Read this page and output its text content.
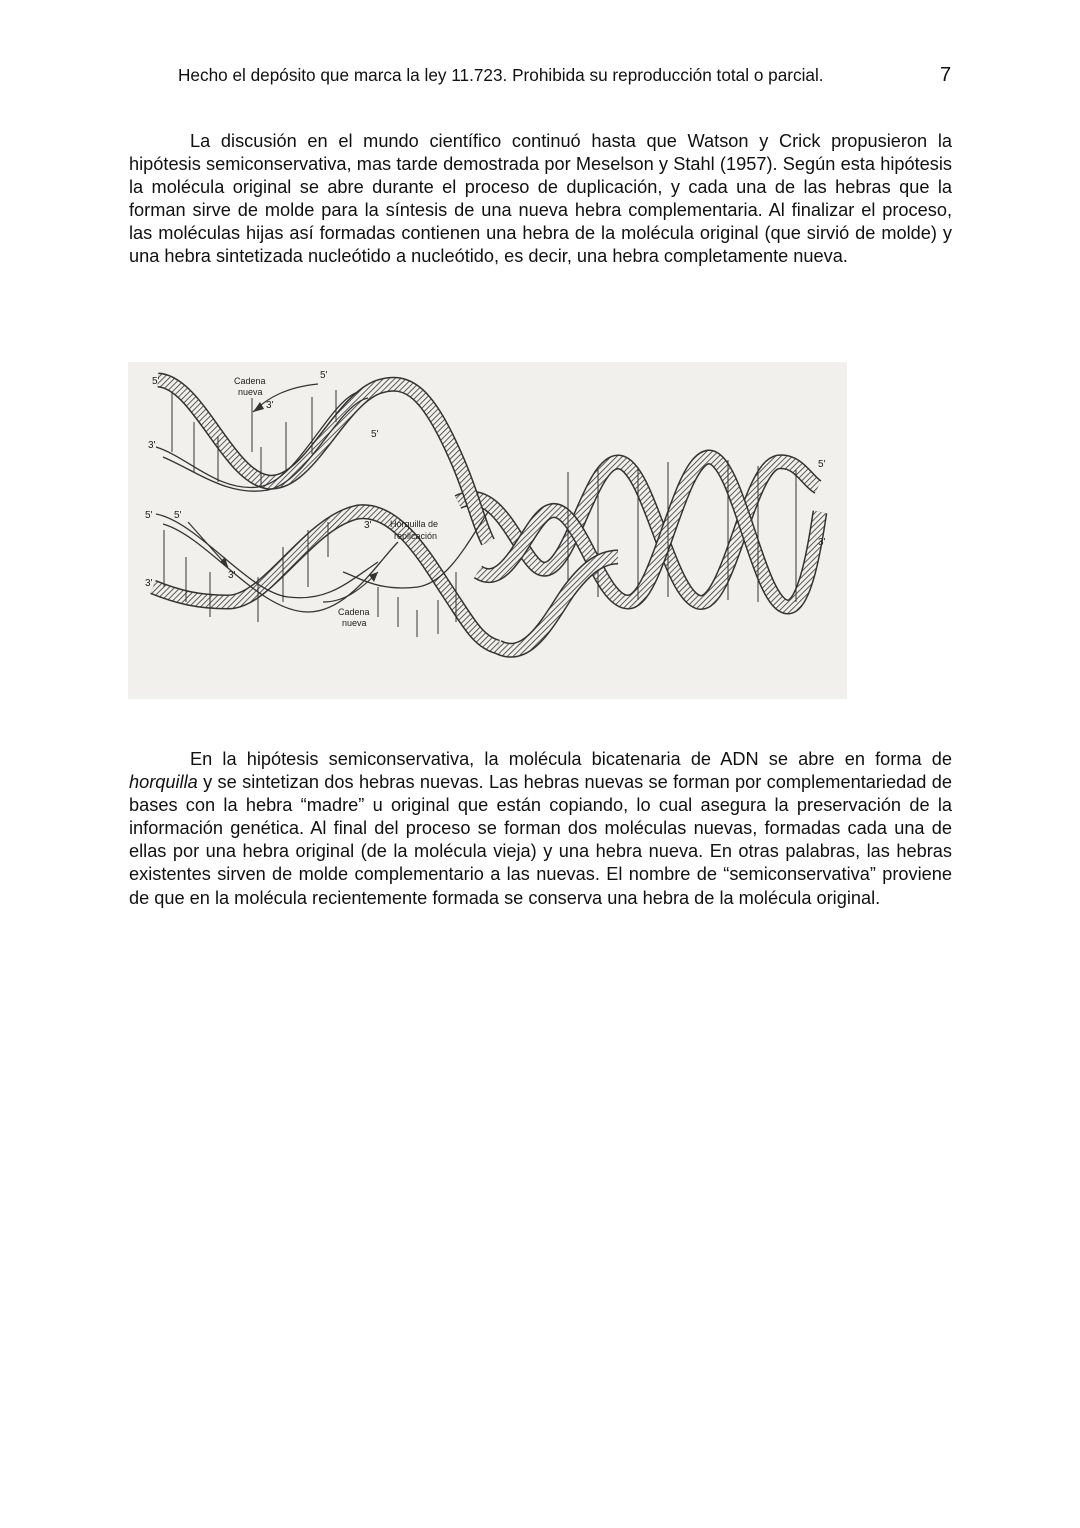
Hecho el depósito que marca la ley 11.723. Prohibida su reproducción total o parcial.	7

La discusión en el mundo científico continuó hasta que Watson y Crick propusieron la hipótesis semiconservativa, mas tarde demostrada por Meselson y Stahl (1957). Según esta hipótesis la molécula original se abre durante el proceso de duplicación, y cada una de las hebras que la forman sirve de molde para la síntesis de una nueva hebra complementaria. Al finalizar el proceso, las moléculas hijas así formadas contienen una hebra de la molécula original (que sirvió de molde) y una hebra sintetizada nucleótido a nucleótido, es decir, una hebra completamente nueva.

5'
3'
5'
3'
5'
3'
5'
Cadena
nueva
5' 5'
3'
3'
3'
Cadena
nueva
Horquilla de
replicación

En la hipótesis semiconservativa, la molécula bicatenaria de ADN se abre en forma de horquilla y se sintetizan dos hebras nuevas. Las hebras nuevas se forman por complementariedad de bases con la hebra “madre” u original que están copiando, lo cual asegura la preservación de la información genética. Al final del proceso se forman dos moléculas nuevas, formadas cada una de ellas por una hebra original (de la molécula vieja) y una hebra nueva. En otras palabras, las hebras existentes sirven de molde complementario a las nuevas. El nombre de “semiconservativa” proviene de que en la molécula recientemente formada se conserva una hebra de la molécula original.
